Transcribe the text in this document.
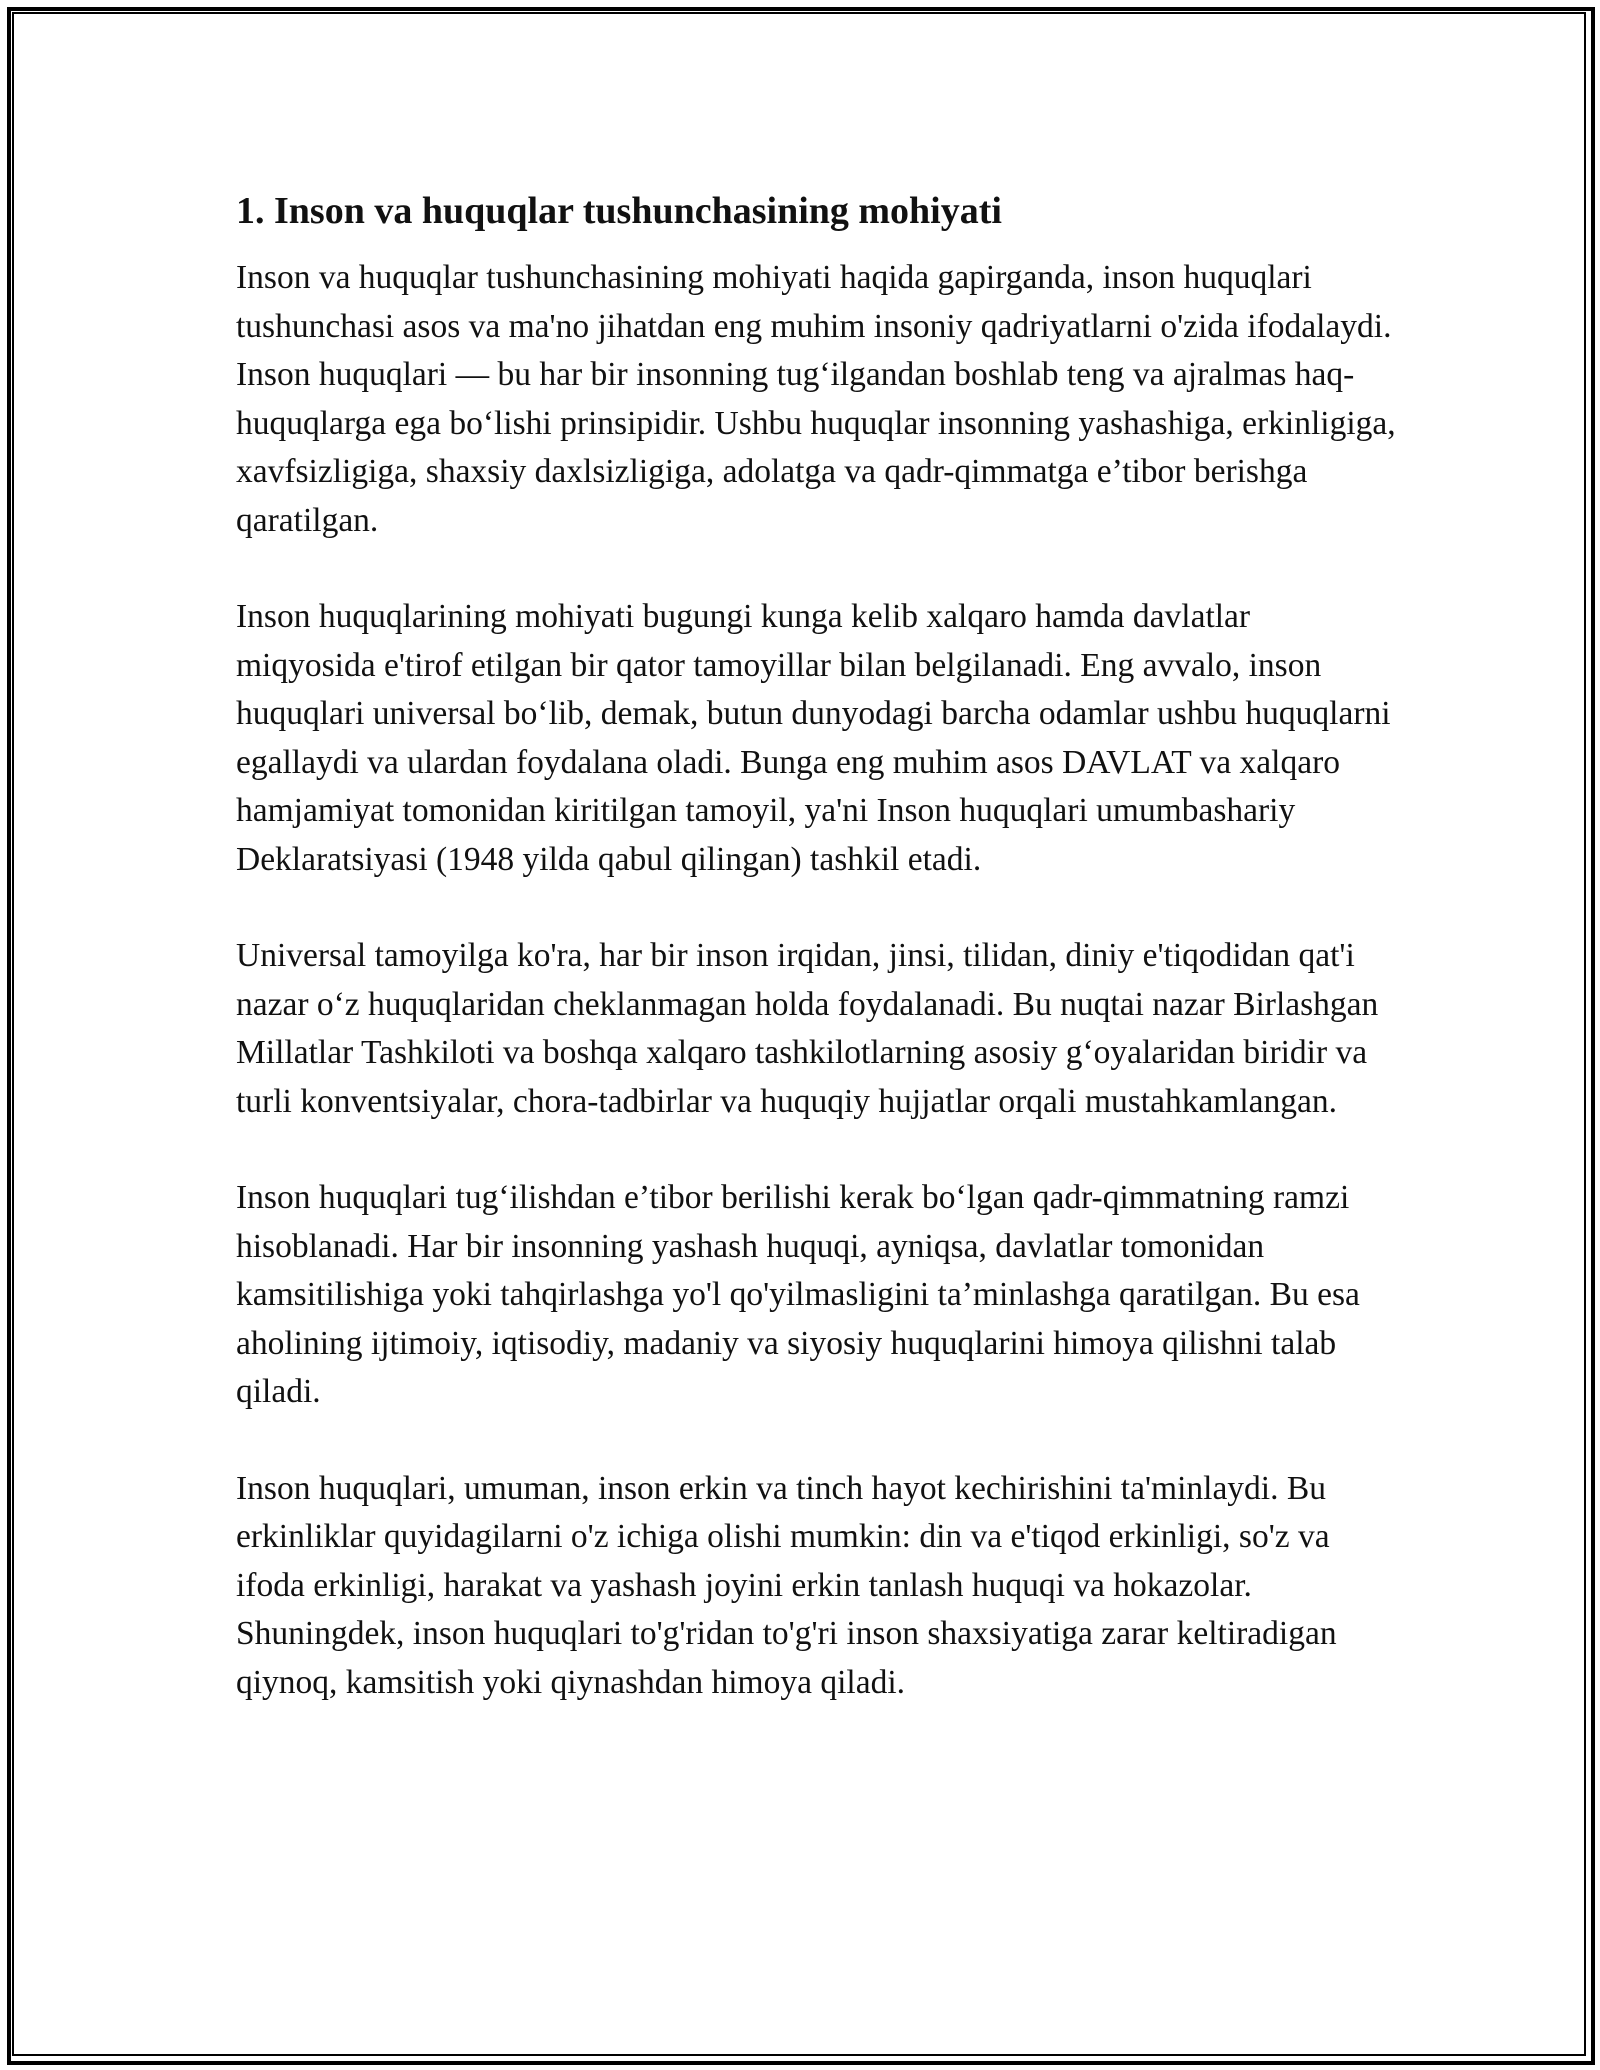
1. Inson va huquqlar tushunchasining mohiyati

Inson va huquqlar tushunchasining mohiyati haqida gapirganda, inson huquqlari tushunchasi asos va ma'no jihatdan eng muhim insoniy qadriyatlarni o'zida ifodalaydi. Inson huquqlari — bu har bir insonning tug‘ilgandan boshlab teng va ajralmas haq-huquqlarga ega bo‘lishi prinsipidir. Ushbu huquqlar insonning yashashiga, erkinligiga, xavfsizligiga, shaxsiy daxlsizligiga, adolatga va qadr-qimmatga e’tibor berishga qaratilgan.

Inson huquqlarining mohiyati bugungi kunga kelib xalqaro hamda davlatlar miqyosida e'tirof etilgan bir qator tamoyillar bilan belgilanadi. Eng avvalo, inson huquqlari universal bo‘lib, demak, butun dunyodagi barcha odamlar ushbu huquqlarni egallaydi va ulardan foydalana oladi. Bunga eng muhim asos DAVLAT va xalqaro hamjamiyat tomonidan kiritilgan tamoyil, ya'ni Inson huquqlari umumbashariy Deklaratsiyasi (1948 yilda qabul qilingan) tashkil etadi.

Universal tamoyilga ko'ra, har bir inson irqidan, jinsi, tilidan, diniy e'tiqodidan qat'i nazar o‘z huquqlaridan cheklanmagan holda foydalanadi. Bu nuqtai nazar Birlashgan Millatlar Tashkiloti va boshqa xalqaro tashkilotlarning asosiy g‘oyalaridan biridir va turli konventsiyalar, chora-tadbirlar va huquqiy hujjatlar orqali mustahkamlangan.

Inson huquqlari tug‘ilishdan e’tibor berilishi kerak bo‘lgan qadr-qimmatning ramzi hisoblanadi. Har bir insonning yashash huquqi, ayniqsa, davlatlar tomonidan kamsitilishiga yoki tahqirlashga yo'l qo'yilmasligini ta’minlashga qaratilgan. Bu esa aholining ijtimoiy, iqtisodiy, madaniy va siyosiy huquqlarini himoya qilishni talab qiladi.

Inson huquqlari, umuman, inson erkin va tinch hayot kechirishini ta'minlaydi. Bu erkinliklar quyidagilarni o'z ichiga olishi mumkin: din va e'tiqod erkinligi, so'z va ifoda erkinligi, harakat va yashash joyini erkin tanlash huquqi va hokazolar. Shuningdek, inson huquqlari to'g'ridan to'g'ri inson shaxsiyatiga zarar keltiradigan qiynoq, kamsitish yoki qiynashdan himoya qiladi.
